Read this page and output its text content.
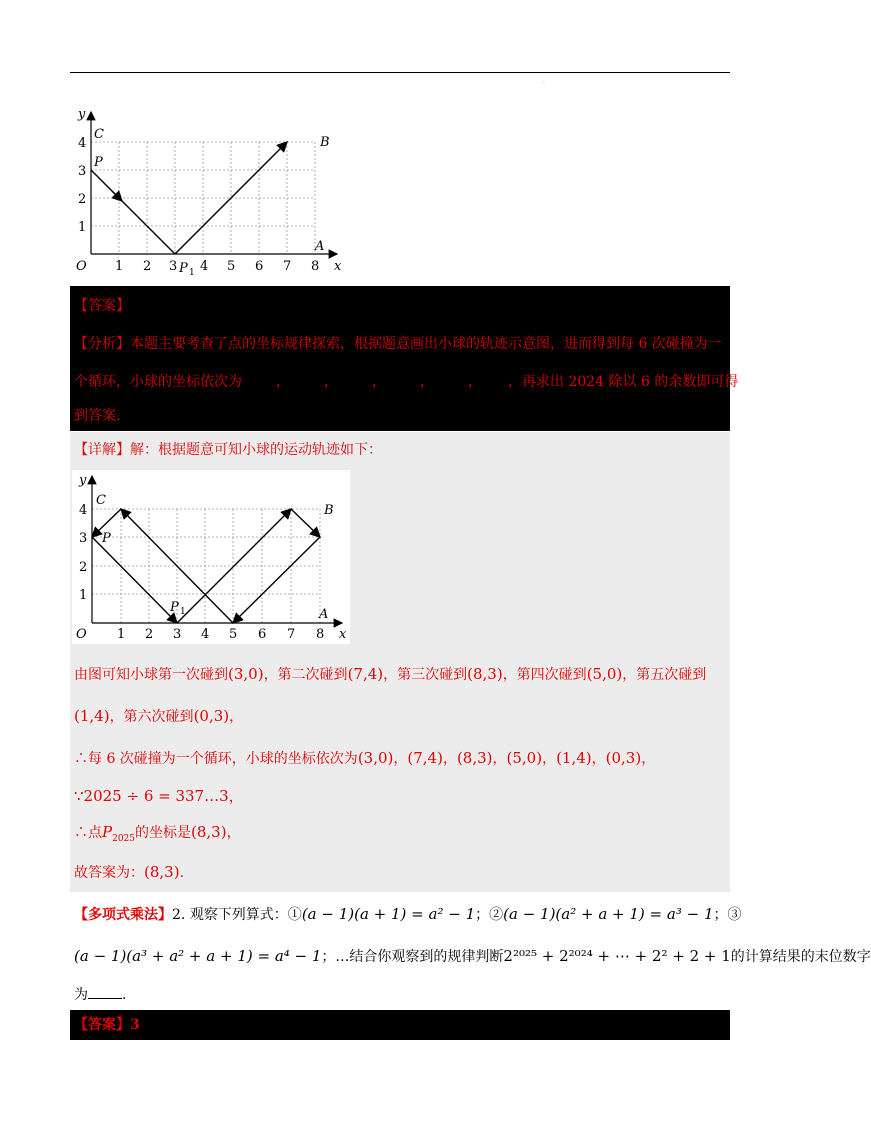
·
y
x
O
C
P
B
A
P 1
1 2 3 4 5 6 7 8
1
2
3
4
【答案】
【分析】本题主要考查了点的坐标规律探索，根据题意画出小球的轨迹示意图，进而得到每 6 次碰撞为一
个循环，小球的坐标依次为 ， ， ， ， ， ，再求出 2024 除以 6 的余数即可得
到答案.
【详解】解：根据题意可知小球的运动轨迹如下：
y
x
O
C
P
B
A
P 1
1 2 3 4 5 6 7 8
1
2
3
4
由图可知小球第一次碰到(3,0)，第二次碰到(7,4)，第三次碰到(8,3)，第四次碰到(5,0)，第五次碰到
(1,4)，第六次碰到(0,3)，
∴每 6 次碰撞为一个循环，小球的坐标依次为(3,0)，(7,4)，(8,3)，(5,0)，(1,4)，(0,3)，
∵2025 ÷ 6 = 337…3，
∴点$P_{2025}$的坐标是(8,3)，
故答案为：(8,3).
【多项式乘法】2. 观察下列算式：①(a − 1)(a + 1) = a² − 1；②(a − 1)(a² + a + 1) = a³ − 1；③
(a − 1)(a³ + a² + a + 1) = a⁴ − 1；…结合你观察到的规律判断2²⁰²⁵ + 2²⁰²⁴ + ⋯ + 2² + 2 + 1的计算结果的末位数字
为 .
【答案】3
